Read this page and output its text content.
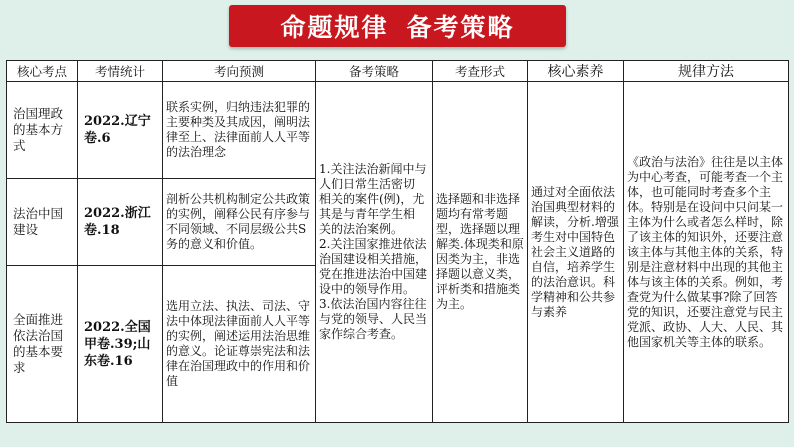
命题规律 备考策略
核心考点	考情统计	考向预测	备考策略	考查形式	核心素养	规律方法
治国理政的基本方式	2022.辽宁卷.6	联系实例，归纳违法犯罪的主要种类及其成因，阐明法律至上、法律面前人人平等的法治理念	1.关注法治新闻中与人们日常生活密切
相关的案件(例)，尤其是与青年学生相
关的法治案例。
2.关注国家推进依法治国建设相关措施，党在推进法治中国建设中的领导作用。
3.依法治国内容往往与党的领导、人民当家作综合考查。	选择题和非选择题均有常考题型，选择题以理解类.体现类和原因类为主，非选择题以意义类，评析类和措施类为主。	通过对全面依法治国典型材料的解读，分析.增强考生对中国特色社会主义道路的自信，培养学生的法治意识。科学精神和公共参与素养	《政治与法治》往往是以主体为中心考查，可能考查一个主体，也可能同时考查多个主体。特别是在设问中只问某一主体为什么或者怎么样时，除了该主体的知识外，还要注意该主体与其他主体的关系，特别是注意材料中出现的其他主体与该主体的关系。例如，考查党为什么做某事?除了回答党的知识，还要注意党与民主党派、政协、人大、人民、其他国家机关等主体的联系。
法治中国建设	2022.浙江卷.18	剖析公共机构制定公共政策的实例，阐释公民有序参与不同领域、不同层级公共S务的意义和价值。				
全面推进依法治国的基本要求	2022.全国甲卷.39;山东卷.16	选用立法、执法、司法、守法中体现法律面前人人平等的实例，阐述运用法治思维的意义。论证尊崇宪法和法律在治国理政中的作用和价值				
